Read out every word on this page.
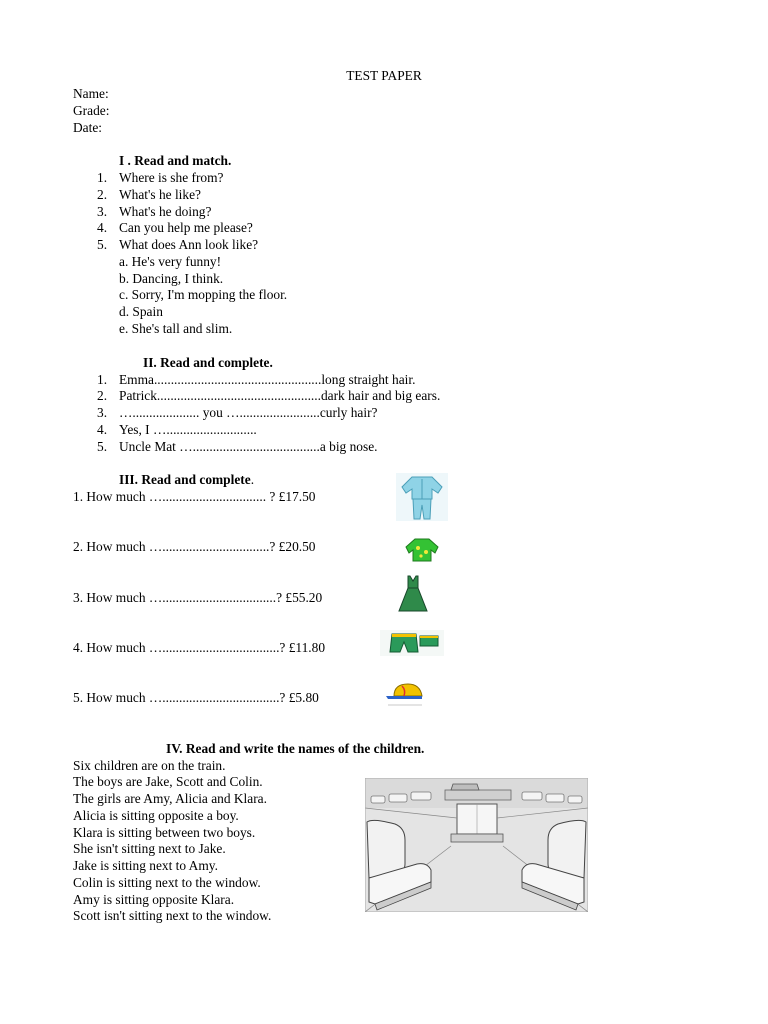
TEST PAPER
Name:
Grade:
Date:
I . Read and match.
1. Where is she from?
2. What's he like?
3. What's he doing?
4. Can you help me please?
5. What does Ann look like?
a. He's very funny!
b. Dancing, I think.
c. Sorry, I'm mopping the floor.
d. Spain
e. She's tall and slim.
II. Read and complete.
1. Emma..................................................long straight hair.
2. Patrick.................................................dark hair and big ears.
3. ….................... you …........................curly hair?
4. Yes, I …...........................
5. Uncle Mat …......................................a big nose.
III. Read and complete.
1. How much …............................... ? £17.50
2. How much …................................? £20.50
3. How much …..................................? £55.20
4. How much …...................................? £11.80
5. How much …...................................? £5.80
IV. Read and write the names of the children.
Six children are on the train.
The boys are Jake, Scott and Colin.
The girls are Amy, Alicia and Klara.
Alicia is sitting opposite a boy.
Klara is sitting between two boys.
She isn't sitting next to Jake.
Jake is sitting next to Amy.
Colin is sitting next to the window.
Amy is sitting opposite Klara.
Scott isn't sitting next to the window.
